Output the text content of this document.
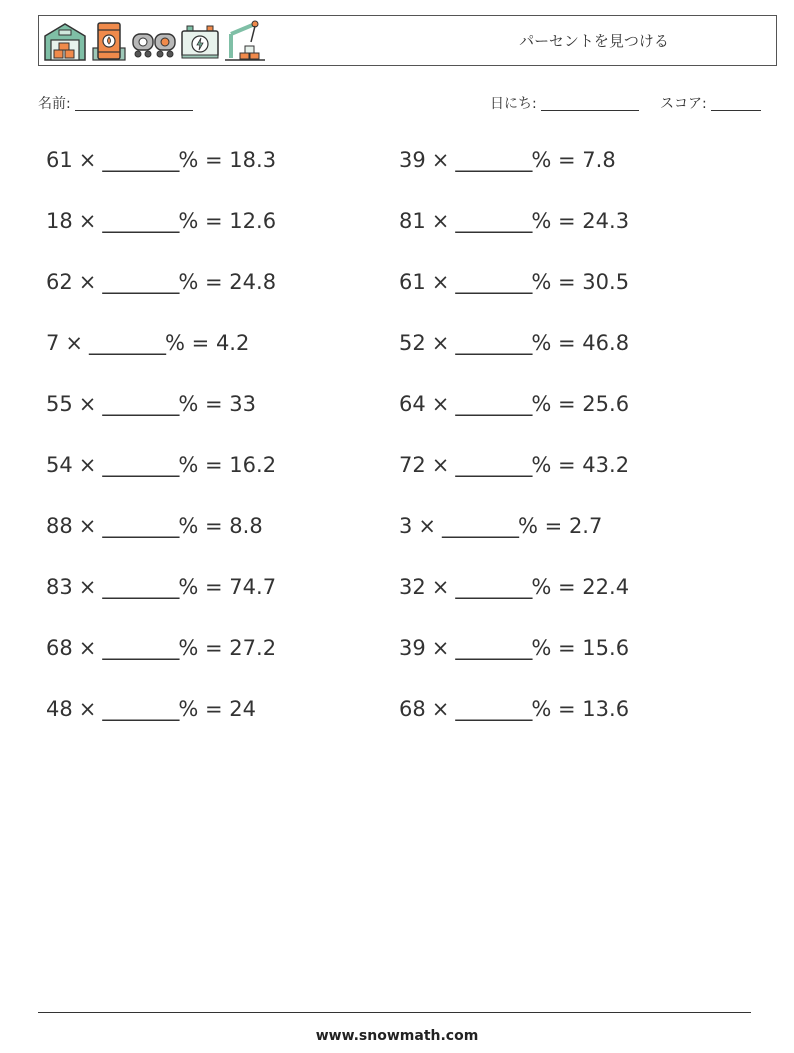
パーセントを見つける
名前:	日にち:	スコア:
61 × ________% = 18.3
18 × ________% = 12.6
62 × ________% = 24.8
7 × ________% = 4.2
55 × ________% = 33
54 × ________% = 16.2
88 × ________% = 8.8
83 × ________% = 74.7
68 × ________% = 27.2
48 × ________% = 24
39 × ________% = 7.8
81 × ________% = 24.3
61 × ________% = 30.5
52 × ________% = 46.8
64 × ________% = 25.6
72 × ________% = 43.2
3 × ________% = 2.7
32 × ________% = 22.4
39 × ________% = 15.6
68 × ________% = 13.6
www.snowmath.com
